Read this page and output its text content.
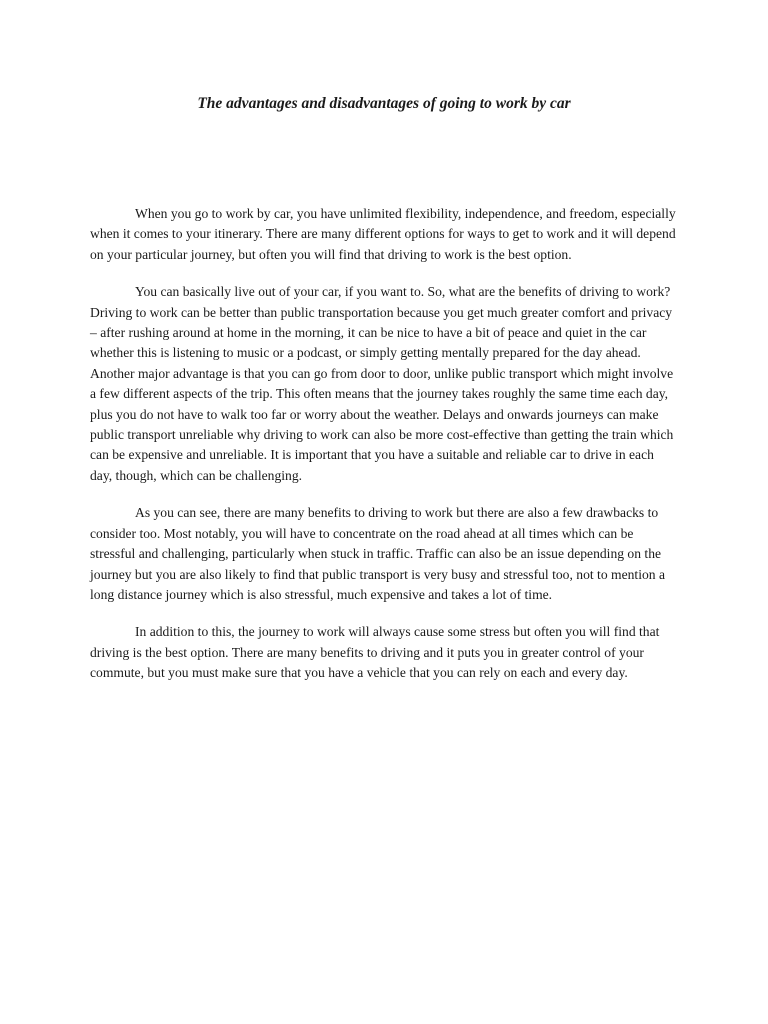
The advantages and disadvantages of going to work by car

When you go to work by car, you have unlimited flexibility, independence, and freedom, especially when it comes to your itinerary. There are many different options for ways to get to work and it will depend on your particular journey, but often you will find that driving to work is the best option.

You can basically live out of your car, if you want to. So, what are the benefits of driving to work? Driving to work can be better than public transportation because you get much greater comfort and privacy – after rushing around at home in the morning, it can be nice to have a bit of peace and quiet in the car whether this is listening to music or a podcast, or simply getting mentally prepared for the day ahead. Another major advantage is that you can go from door to door, unlike public transport which might involve a few different aspects of the trip. This often means that the journey takes roughly the same time each day, plus you do not have to walk too far or worry about the weather. Delays and onwards journeys can make public transport unreliable why driving to work can also be more cost-effective than getting the train which can be expensive and unreliable. It is important that you have a suitable and reliable car to drive in each day, though, which can be challenging.

As you can see, there are many benefits to driving to work but there are also a few drawbacks to consider too. Most notably, you will have to concentrate on the road ahead at all times which can be stressful and challenging, particularly when stuck in traffic. Traffic can also be an issue depending on the journey but you are also likely to find that public transport is very busy and stressful too, not to mention a long distance journey which is also stressful, much expensive and takes a lot of time.

In addition to this, the journey to work will always cause some stress but often you will find that driving is the best option. There are many benefits to driving and it puts you in greater control of your commute, but you must make sure that you have a vehicle that you can rely on each and every day.
